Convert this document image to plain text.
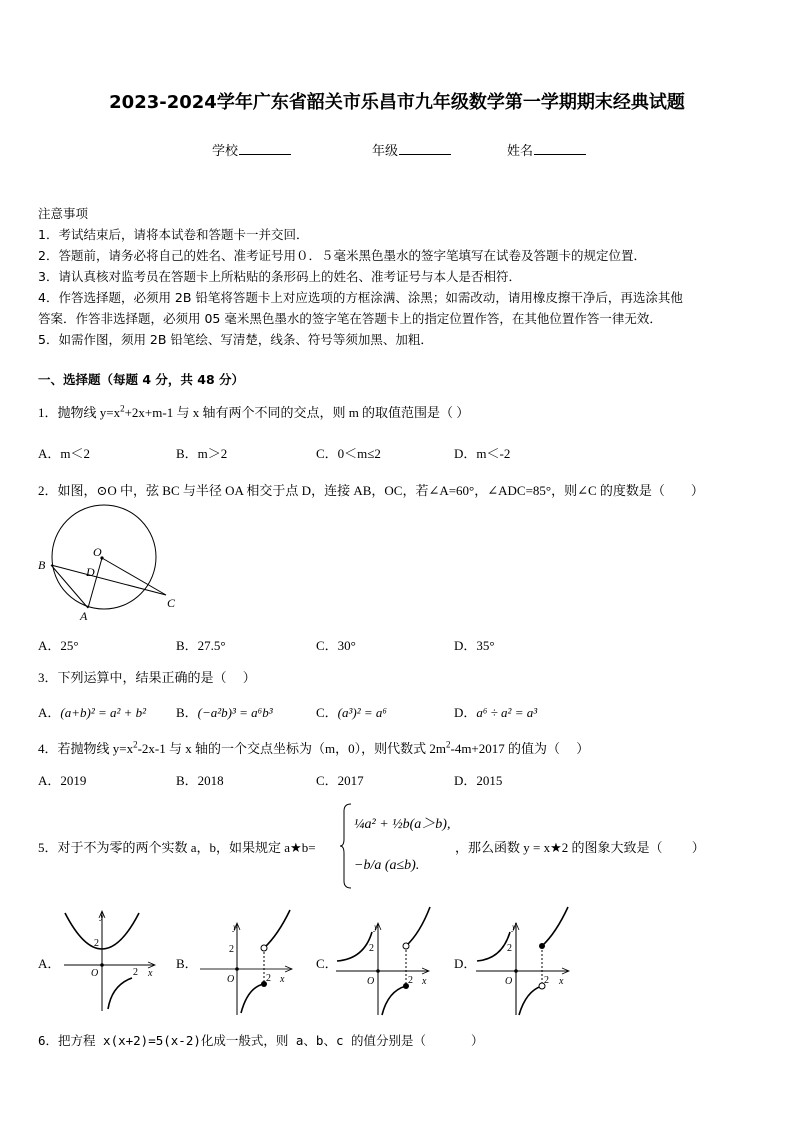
2023-2024学年广东省韶关市乐昌市九年级数学第一学期期末经典试题
学校	年级	姓名
注意事项
1．考试结束后，请将本试卷和答题卡一并交回．
2．答题前，请务必将自己的姓名、准考证号用０．５毫米黑色墨水的签字笔填写在试卷及答题卡的规定位置．
3．请认真核对监考员在答题卡上所粘贴的条形码上的姓名、准考证号与本人是否相符．
4．作答选择题，必须用 2B 铅笔将答题卡上对应选项的方框涂满、涂黑；如需改动，请用橡皮擦干净后，再选涂其他
答案．作答非选择题，必须用 05 毫米黑色墨水的签字笔在答题卡上的指定位置作答，在其他位置作答一律无效．
5．如需作图，须用 2B 铅笔绘、写清楚，线条、符号等须加黑、加粗．
一、选择题（每题 4 分，共 48 分）
1．抛物线 $y=x^2+2x+m-1$ 与 x 轴有两个不同的交点，则 m 的取值范围是（ ）
A．m＜2	B．m＞2	C．0＜m≤2	D．m＜-2
2．如图，⊙O 中，弦 BC 与半径 OA 相交于点 D，连接 AB，OC，若∠A=60°，∠ADC=85°，则∠C 的度数是（　　）
O
B	D
A
C
A．25°	B．27.5°	C．30°	D．35°
3．下列运算中，结果正确的是（　 ）
A．(a+b)² = a² + b² B．(−a²b)³ = a⁶b³	C．(a³)² = a⁶	D．a⁶ ÷ a² = a³
4．若抛物线 $y=x^2-2x-1$ 与 x 轴的一个交点坐标为（m，0），则代数式 $2m^2-4m+2017$ 的值为（　 ）
A．2019	B．2018	C．2017	D．2015
5．对于不为零的两个实数 a，b，如果规定 a★b=
¼a² + ½b(a＞b),
−b/a (a≤b).
，那么函数 y = x★2 的图象大致是（　　 ）
A．
O
2
2 x
y
B．
O
2
2 x
y
C．
O
2
2 x
y
D．
O
2
2 x
y
6．把方程 x(x+2)=5(x-2)化成一般式，则 a、b、c 的值分别是（　　　 ）
